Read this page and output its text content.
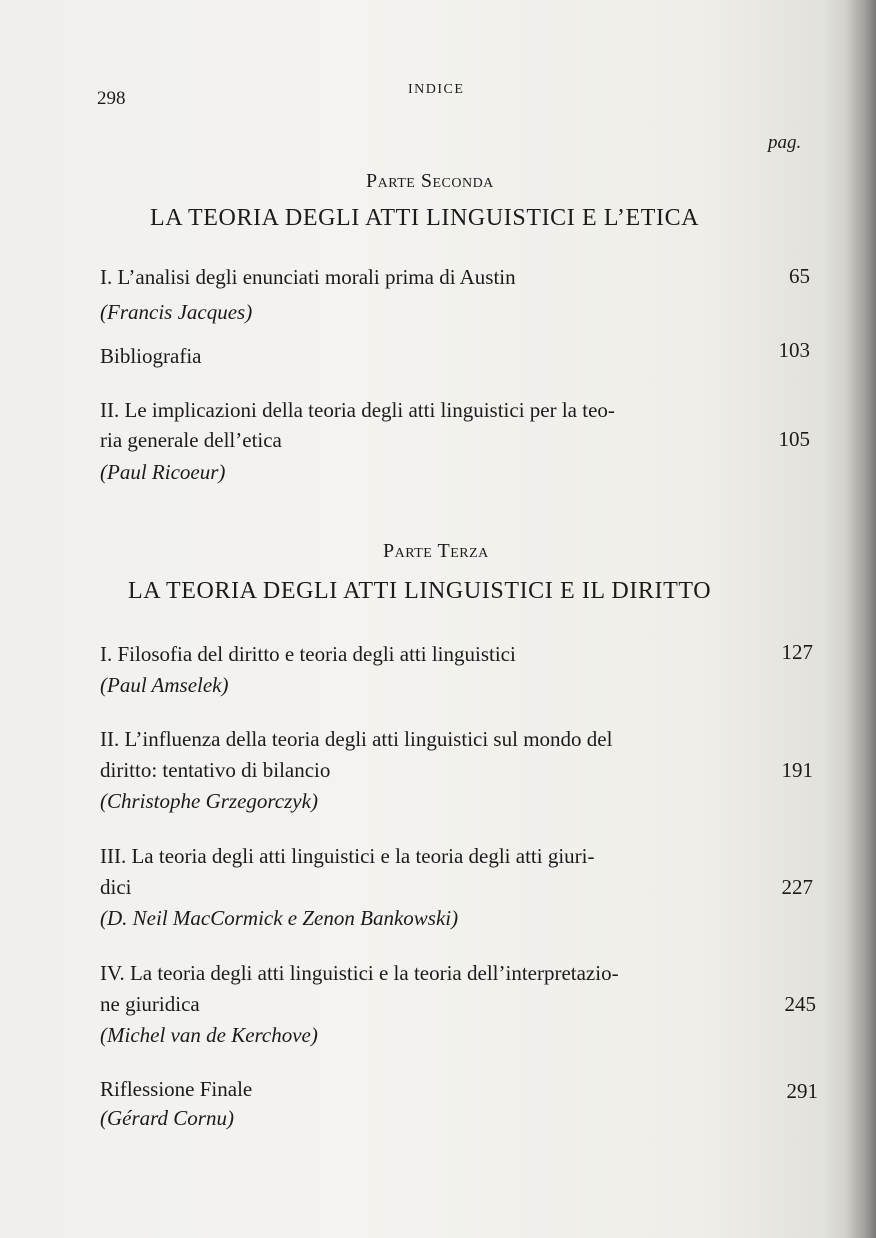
298	INDICE
pag.
Parte Seconda
LA TEORIA DEGLI ATTI LINGUISTICI E L’ETICA
I. L’analisi degli enunciati morali prima di Austin	65
(Francis Jacques)
Bibliografia	103
II. Le implicazioni della teoria degli atti linguistici per la teo-
ria generale dell’etica	105
(Paul Ricoeur)
Parte Terza
LA TEORIA DEGLI ATTI LINGUISTICI E IL DIRITTO
I. Filosofia del diritto e teoria degli atti linguistici	127
(Paul Amselek)
II. L’influenza della teoria degli atti linguistici sul mondo del
diritto: tentativo di bilancio	191
(Christophe Grzegorczyk)
III. La teoria degli atti linguistici e la teoria degli atti giuri-
dici	227
(D. Neil MacCormick e Zenon Bankowski)
IV. La teoria degli atti linguistici e la teoria dell’interpretazio-
ne giuridica	245
(Michel van de Kerchove)
Riflessione Finale	291
(Gérard Cornu)
